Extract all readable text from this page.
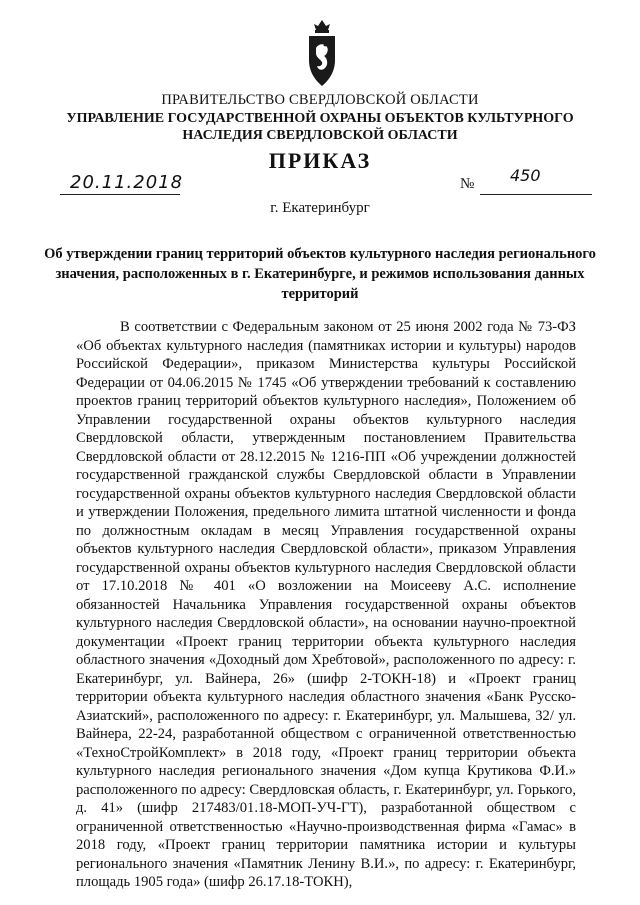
ПРАВИТЕЛЬСТВО СВЕРДЛОВСКОЙ ОБЛАСТИ
УПРАВЛЕНИЕ ГОСУДАРСТВЕННОЙ ОХРАНЫ ОБЪЕКТОВ КУЛЬТУРНОГО НАСЛЕДИЯ СВЕРДЛОВСКОЙ ОБЛАСТИ
ПРИКАЗ
20.11.2018	№ 450
г. Екатеринбург
Об утверждении границ территорий объектов культурного наследия регионального значения, расположенных в г. Екатеринбурге, и режимов использования данных территорий

В соответствии с Федеральным законом от 25 июня 2002 года № 73-ФЗ «Об объектах культурного наследия (памятниках истории и культуры) народов Российской Федерации», приказом Министерства культуры Российской Федерации от 04.06.2015 № 1745 «Об утверждении требований к составлению проектов границ территорий объектов культурного наследия», Положением об Управлении государственной охраны объектов культурного наследия Свердловской области, утвержденным постановлением Правительства Свердловской области от 28.12.2015 № 1216-ПП «Об учреждении должностей государственной гражданской службы Свердловской области в Управлении государственной охраны объектов культурного наследия Свердловской области и утверждении Положения, предельного лимита штатной численности и фонда по должностным окладам в месяц Управления государственной охраны объектов культурного наследия Свердловской области», приказом Управления государственной охраны объектов культурного наследия Свердловской области от 17.10.2018 № 401 «О возложении на Моисееву А.С. исполнение обязанностей Начальника Управления государственной охраны объектов культурного наследия Свердловской области», на основании научно-проектной документации «Проект границ территории объекта культурного наследия областного значения «Доходный дом Хребтовой», расположенного по адресу: г. Екатеринбург, ул. Вайнера, 26» (шифр 2-ТОКН-18) и «Проект границ территории объекта культурного наследия областного значения «Банк Русско-Азиатский», расположенного по адресу: г. Екатеринбург, ул. Малышева, 32/ ул. Вайнера, 22-24, разработанной обществом с ограниченной ответственностью «ТехноСтройКомплект» в 2018 году, «Проект границ территории объекта культурного наследия регионального значения «Дом купца Крутикова Ф.И.» расположенного по адресу: Свердловская область, г. Екатеринбург, ул. Горького, д. 41» (шифр 217483/01.18-МОП-УЧ-ГТ), разработанной обществом с ограниченной ответственностью «Научно-производственная фирма «Гамас» в 2018 году, «Проект границ территории памятника истории и культуры регионального значения «Памятник Ленину В.И.», по адресу: г. Екатеринбург, площадь 1905 года» (шифр 26.17.18-ТОКН),
